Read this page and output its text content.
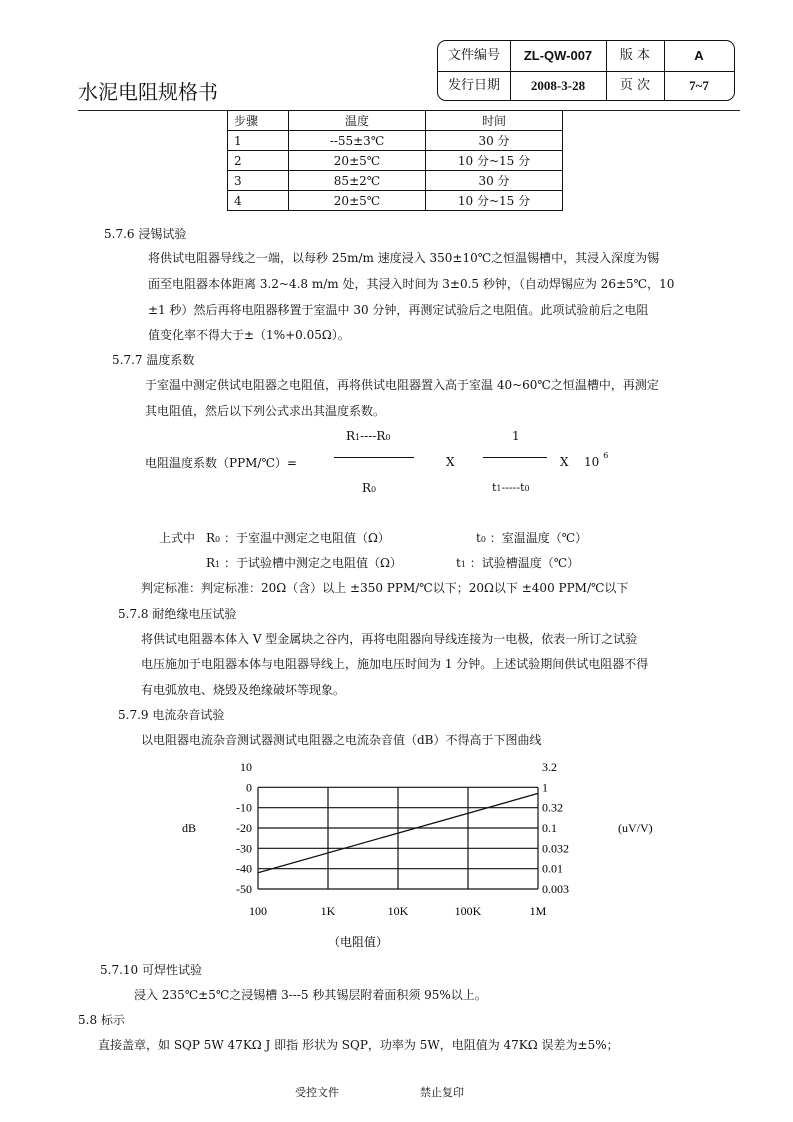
水泥电阻规格书
文件编号	ZL-QW-007	版 本	A
发行日期	2008-3-28	页 次	7~7
步骤	温度	时间
1	--55±3℃	30 分
2	20±5℃	10 分~15 分
3	85±2℃	30 分
4	20±5℃	10 分~15 分
5.7.6 浸锡试验
将供试电阻器导线之一端，以每秒 25m/m 速度浸入 350±10℃之恒温锡槽中，其浸入深度为锡
面至电阻器本体距离 3.2~4.8 m/m 处，其浸入时间为 3±0.5 秒钟，（自动焊锡应为 26±5℃，10
±1 秒）然后再将电阻器移置于室温中 30 分钟，再测定试验后之电阻值。此项试验前后之电阻
值变化率不得大于±（1%+0.05Ω）。
5.7.7 温度系数
于室温中测定供试电阻器之电阻值，再将供试电阻器置入高于室温 40~60℃之恒温槽中，再测定
其电阻值，然后以下列公式求出其温度系数。
电阻温度系数（PPM/℃）=
R1----R0
R0
X
1
t1-----t0
X 10 $^6$
上式中 R0 ：于室温中测定之电阻值（Ω）	t0 ：室温温度（℃）
R1 ：于试验槽中测定之电阻值（Ω）	t1 ：试验槽温度（℃）
判定标准：判定标准：20Ω（含）以上 ±350 PPM/℃以下；20Ω以下 ±400 PPM/℃以下
5.7.8 耐绝缘电压试验
将供试电阻器本体入 V 型金属块之谷内，再将电阻器向导线连接为一电极，依表一所订之试验
电压施加于电阻器本体与电阻器导线上，施加电压时间为 1 分钟。上述试验期间供试电阻器不得
有电弧放电、烧毁及绝缘破坏等现象。
5.7.9 电流杂音试验
以电阻器电流杂音测试器测试电阻器之电流杂音值（dB）不得高于下图曲线
10
0
-10
-20
-30
-40
-50
3.2
1
0.32
0.1
0.032
0.01
0.003
100	1K	10K	100K	1M
dB	(uV/V)
（电阻值）
5.7.10 可焊性试验
浸入 235℃±5℃之浸锡槽 3---5 秒其锡层附着面积须 95%以上。
5.8 标示
直接盖章，如 SQP 5W 47KΩ J 即指 形状为 SQP，功率为 5W，电阻值为 47KΩ 误差为±5%；
受控文件	禁止复印
